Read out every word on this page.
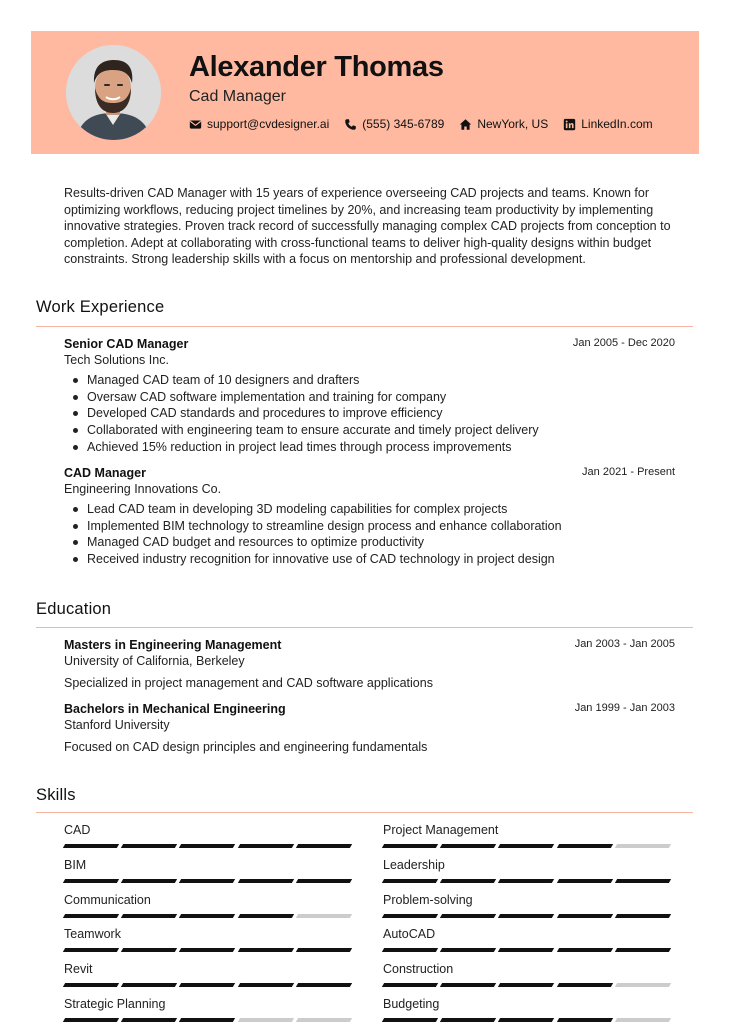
Alexander Thomas
Cad Manager
support@cvdesigner.ai	(555) 345-6789	NewYork, US	LinkedIn.com

Results-driven CAD Manager with 15 years of experience overseeing CAD projects and teams. Known for optimizing workflows, reducing project timelines by 20%, and increasing team productivity by implementing innovative strategies. Proven track record of successfully managing complex CAD projects from conception to completion. Adept at collaborating with cross-functional teams to deliver high-quality designs within budget constraints. Strong leadership skills with a focus on mentorship and professional development.

Work Experience
Senior CAD Manager
Tech Solutions Inc.
Jan 2005 - Dec 2020
Managed CAD team of 10 designers and drafters
Oversaw CAD software implementation and training for company
Developed CAD standards and procedures to improve efficiency
Collaborated with engineering team to ensure accurate and timely project delivery
Achieved 15% reduction in project lead times through process improvements
CAD Manager
Engineering Innovations Co.
Jan 2021 - Present
Lead CAD team in developing 3D modeling capabilities for complex projects
Implemented BIM technology to streamline design process and enhance collaboration
Managed CAD budget and resources to optimize productivity
Received industry recognition for innovative use of CAD technology in project design
Education
Masters in Engineering Management
University of California, Berkeley
Jan 2003 - Jan 2005
Specialized in project management and CAD software applications
Bachelors in Mechanical Engineering
Stanford University
Jan 1999 - Jan 2003
Focused on CAD design principles and engineering fundamentals
Skills
CAD	Project Management
BIM	Leadership
Communication	Problem-solving
Teamwork	AutoCAD
Revit	Construction
Strategic Planning	Budgeting
